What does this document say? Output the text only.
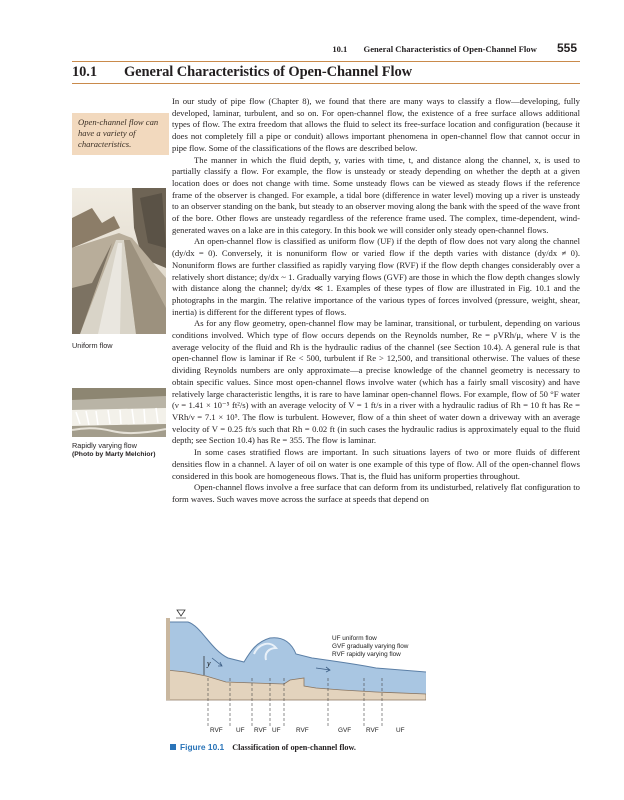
10.1 General Characteristics of Open-Channel Flow 555
10.1 General Characteristics of Open-Channel Flow
Open-channel flow can have a variety of characteristics.
Uniform flow
Rapidly varying flow
(Photo by Marty Melchior)

In our study of pipe flow (Chapter 8), we found that there are many ways to classify a flow—developing, fully developed, laminar, turbulent, and so on. For open-channel flow, the existence of a free surface allows additional types of flow. The extra freedom that allows the fluid to select its free-surface location and configuration (because it does not completely fill a pipe or conduit) allows important phenomena in open-channel flow that cannot occur in pipe flow. Some of the classifications of the flows are described below.

The manner in which the fluid depth, y, varies with time, t, and distance along the channel, x, is used to partially classify a flow. For example, the flow is unsteady or steady depending on whether the depth at a given location does or does not change with time. Some unsteady flows can be viewed as steady flows if the reference frame of the observer is changed. For example, a tidal bore (difference in water level) moving up a river is unsteady to an observer standing on the bank, but steady to an observer moving along the bank with the speed of the wave front of the bore. Other flows are unsteady regardless of the reference frame used. The complex, time-dependent, wind-generated waves on a lake are in this category. In this book we will consider only steady open-channel flows.

An open-channel flow is classified as uniform flow (UF) if the depth of flow does not vary along the channel (dy/dx = 0). Conversely, it is nonuniform flow or varied flow if the depth varies with distance (dy/dx ≠ 0). Nonuniform flows are further classified as rapidly varying flow (RVF) if the flow depth changes considerably over a relatively short distance; dy/dx ~ 1. Gradually varying flows (GVF) are those in which the flow depth changes slowly with distance along the channel; dy/dx ≪ 1. Examples of these types of flow are illustrated in Fig. 10.1 and the photographs in the margin. The relative importance of the various types of forces involved (pressure, weight, shear, inertia) is different for the different types of flows.

As for any flow geometry, open-channel flow may be laminar, transitional, or turbulent, depending on various conditions involved. Which type of flow occurs depends on the Reynolds number, Re = ρVRh/μ, where V is the average velocity of the fluid and Rh is the hydraulic radius of the channel (see Section 10.4). A general rule is that open-channel flow is laminar if Re < 500, turbulent if Re > 12,500, and transitional otherwise. The values of these dividing Reynolds numbers are only approximate—a precise knowledge of the channel geometry is necessary to obtain specific values. Since most open-channel flows involve water (which has a fairly small viscosity) and have relatively large characteristic lengths, it is rare to have laminar open-channel flows. For example, flow of 50 °F water (ν = 1.41 × 10⁻⁵ ft²/s) with an average velocity of V = 1 ft/s in a river with a hydraulic radius of Rh = 10 ft has Re = VRh/ν = 7.1 × 10⁵. The flow is turbulent. However, flow of a thin sheet of water down a driveway with an average velocity of V = 0.25 ft/s such that Rh = 0.02 ft (in such cases the hydraulic radius is approximately equal to the fluid depth; see Section 10.4) has Re = 355. The flow is laminar.

In some cases stratified flows are important. In such situations layers of two or more fluids of different densities flow in a channel. A layer of oil on water is one example of this type of flow. All of the open-channel flows considered in this book are homogeneous flows. That is, the fluid has uniform properties throughout.

Open-channel flows involve a free surface that can deform from its undisturbed, relatively flat configuration to form waves. Such waves move across the surface at speeds that depend on

y
UF uniform flow
GVF gradually varying flow
RVF rapidly varying flow
RVF UF RVF UF RVF	GVF RVF	UF
Figure 10.1 Classification of open-channel flow.
